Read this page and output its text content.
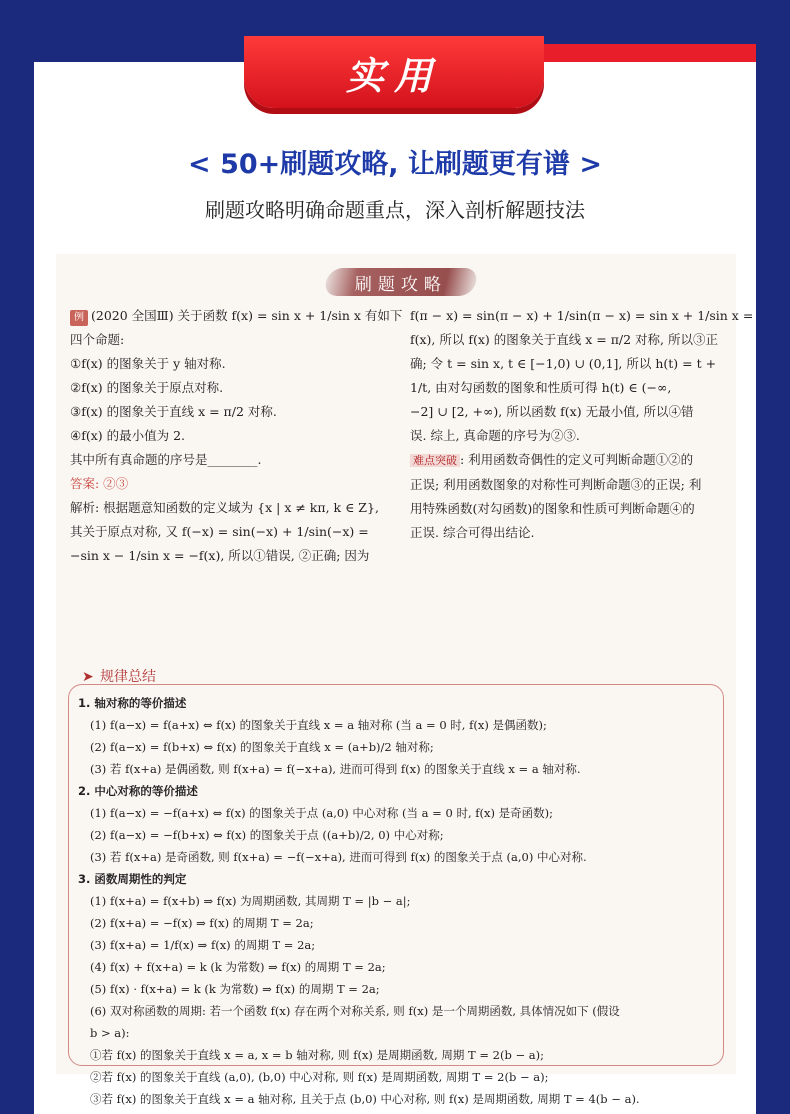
实用
< 50+刷题攻略, 让刷题更有谱 >
刷题攻略明确命题重点，深入剖析解题技法
刷题攻略
例 (2020 全国Ⅲ) 关于函数 f(x) = sin x + 1/sin x 有如下
四个命题:
①f(x) 的图象关于 y 轴对称.
②f(x) 的图象关于原点对称.
③f(x) 的图象关于直线 x = π/2 对称.
④f(x) 的最小值为 2.
其中所有真命题的序号是________.
答案: ②③
解析: 根据题意知函数的定义域为 {x | x ≠ kπ, k ∈ Z},
其关于原点对称, 又 f(−x) = sin(−x) + 1/sin(−x) =
−sin x − 1/sin x = −f(x), 所以①错误, ②正确; 因为
f(π − x) = sin(π − x) + 1/sin(π − x) = sin x + 1/sin x =
f(x), 所以 f(x) 的图象关于直线 x = π/2 对称, 所以③正
确; 令 t = sin x, t ∈ [−1,0) ∪ (0,1], 所以 h(t) = t +
1/t, 由对勾函数的图象和性质可得 h(t) ∈ (−∞,
−2] ∪ [2, +∞), 所以函数 f(x) 无最小值, 所以④错
误. 综上, 真命题的序号为②③.
难点突破 : 利用函数奇偶性的定义可判断命题①②的
正误; 利用函数图象的对称性可判断命题③的正误; 利
用特殊函数(对勾函数)的图象和性质可判断命题④的
正误. 综合可得出结论.
➤ 规律总结
1. 轴对称的等价描述
(1) f(a−x) = f(a+x) ⇔ f(x) 的图象关于直线 x = a 轴对称 (当 a = 0 时, f(x) 是偶函数);
(2) f(a−x) = f(b+x) ⇔ f(x) 的图象关于直线 x = (a+b)/2 轴对称;
(3) 若 f(x+a) 是偶函数, 则 f(x+a) = f(−x+a), 进而可得到 f(x) 的图象关于直线 x = a 轴对称.
2. 中心对称的等价描述
(1) f(a−x) = −f(a+x) ⇔ f(x) 的图象关于点 (a,0) 中心对称 (当 a = 0 时, f(x) 是奇函数);
(2) f(a−x) = −f(b+x) ⇔ f(x) 的图象关于点 ((a+b)/2, 0) 中心对称;
(3) 若 f(x+a) 是奇函数, 则 f(x+a) = −f(−x+a), 进而可得到 f(x) 的图象关于点 (a,0) 中心对称.
3. 函数周期性的判定
(1) f(x+a) = f(x+b) ⇒ f(x) 为周期函数, 其周期 T = |b − a|;
(2) f(x+a) = −f(x) ⇒ f(x) 的周期 T = 2a;
(3) f(x+a) = 1/f(x) ⇒ f(x) 的周期 T = 2a;
(4) f(x) + f(x+a) = k (k 为常数) ⇒ f(x) 的周期 T = 2a;
(5) f(x) · f(x+a) = k (k 为常数) ⇒ f(x) 的周期 T = 2a;
(6) 双对称函数的周期: 若一个函数 f(x) 存在两个对称关系, 则 f(x) 是一个周期函数, 具体情况如下 (假设
b > a):
①若 f(x) 的图象关于直线 x = a, x = b 轴对称, 则 f(x) 是周期函数, 周期 T = 2(b − a);
②若 f(x) 的图象关于直线 (a,0), (b,0) 中心对称, 则 f(x) 是周期函数, 周期 T = 2(b − a);
③若 f(x) 的图象关于直线 x = a 轴对称, 且关于点 (b,0) 中心对称, 则 f(x) 是周期函数, 周期 T = 4(b − a).
